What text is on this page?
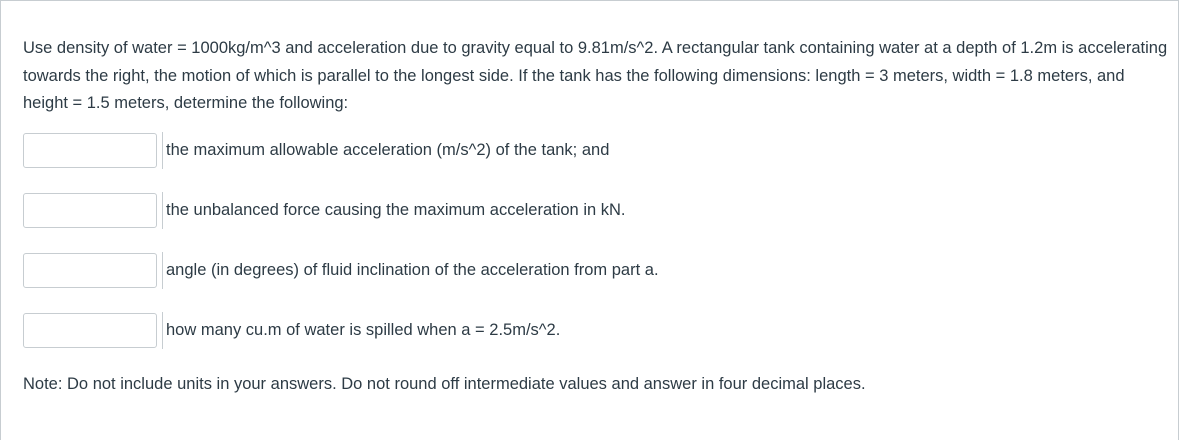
Use density of water = 1000kg/m^3 and acceleration due to gravity equal to 9.81m/s^2. A rectangular tank containing water at a depth of 1.2m is accelerating towards the right, the motion of which is parallel to the longest side. If the tank has the following dimensions: length = 3 meters, width = 1.8 meters, and height = 1.5 meters, determine the following:

the maximum allowable acceleration (m/s^2) of the tank; and
the unbalanced force causing the maximum acceleration in kN.
angle (in degrees) of fluid inclination of the acceleration from part a.
how many cu.m of water is spilled when a = 2.5m/s^2.

Note: Do not include units in your answers. Do not round off intermediate values and answer in four decimal places.
